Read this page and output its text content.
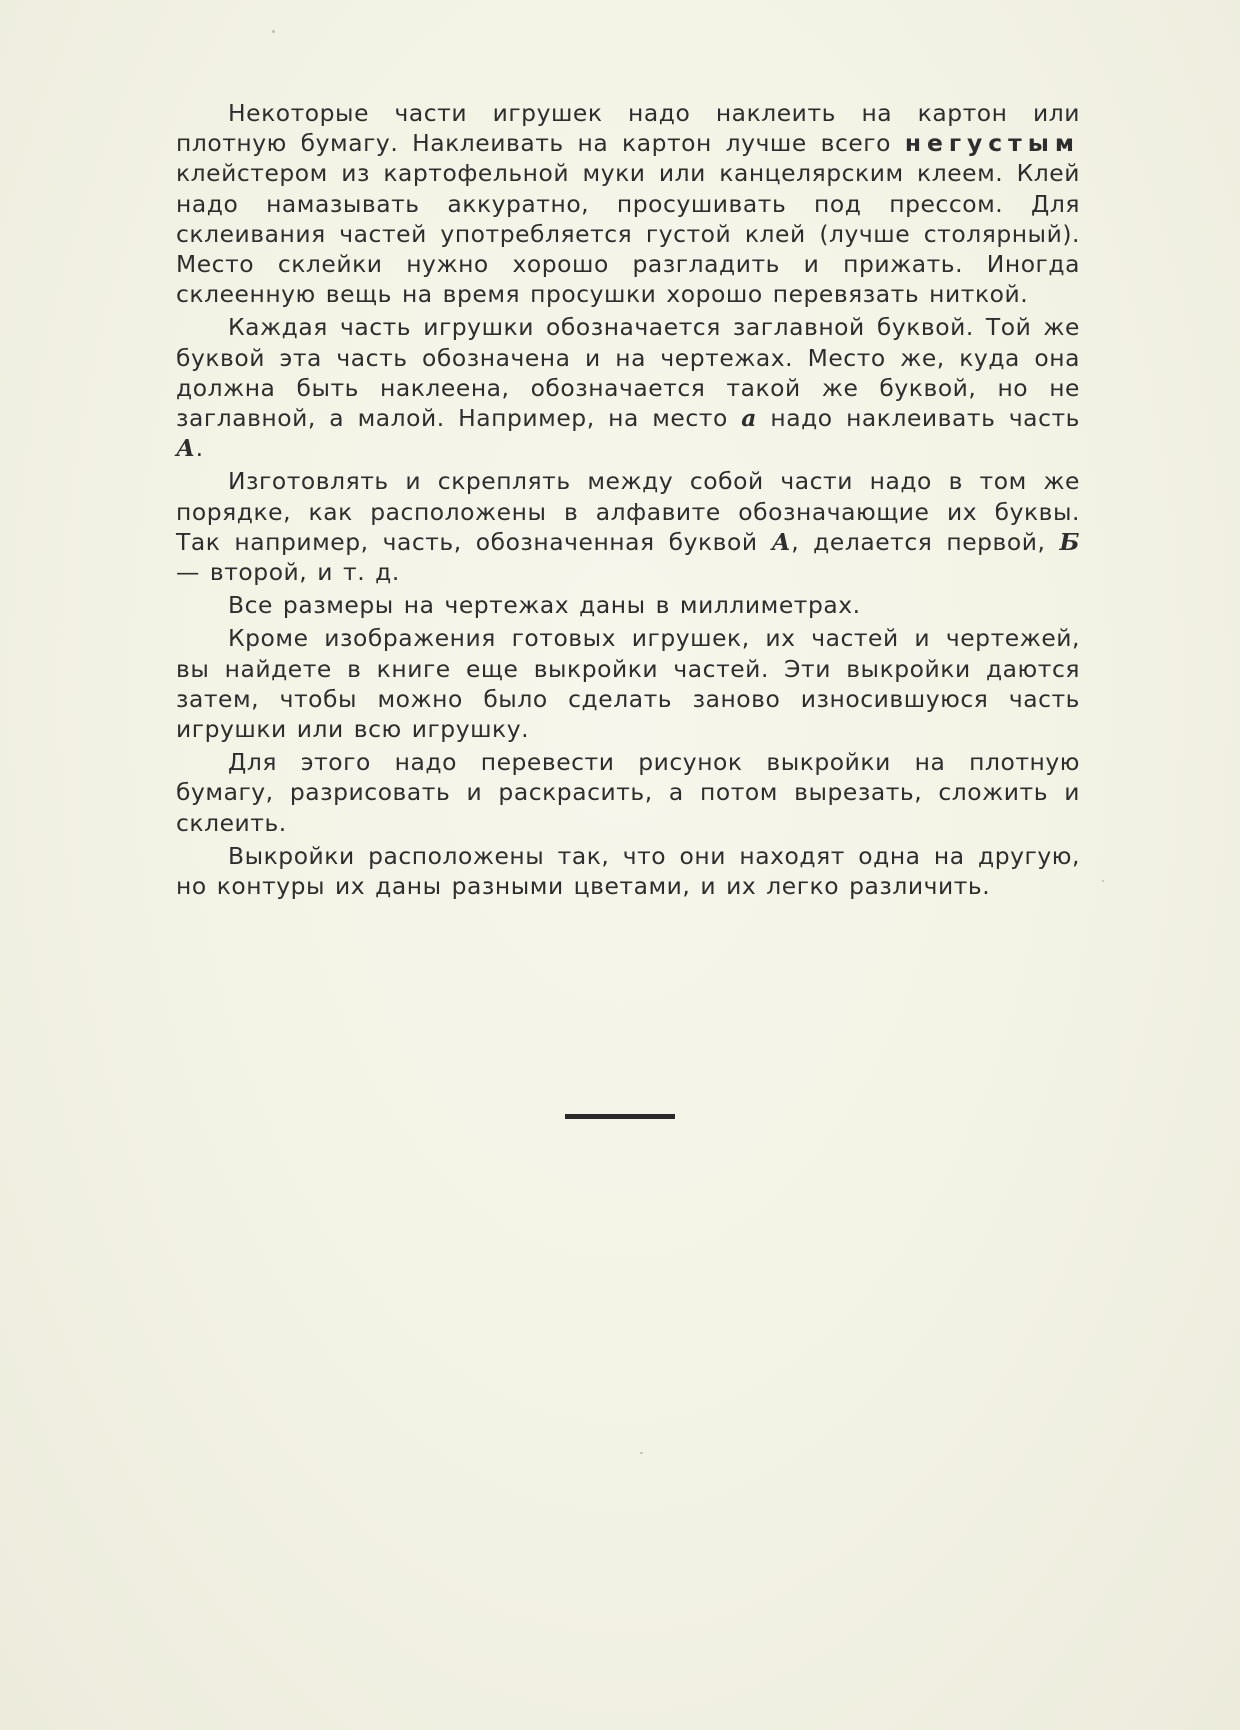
Некоторые части игрушек надо наклеить на картон или плотную бумагу. Наклеивать на картон лучше всего негустым клейстером из картофельной муки или канцелярским клеем. Клей надо намазывать аккуратно, просушивать под прессом. Для склеивания частей употребляется густой клей (лучше столярный). Место склейки нужно хорошо разгладить и прижать. Иногда склеенную вещь на время просушки хорошо перевязать ниткой.

Каждая часть игрушки обозначается заглавной буквой. Той же буквой эта часть обозначена и на чертежах. Место же, куда она должна быть наклеена, обозначается такой же буквой, но не заглавной, а малой. Например, на место а надо наклеивать часть А.

Изготовлять и скреплять между собой части надо в том же порядке, как расположены в алфавите обозначающие их буквы. Так например, часть, обозначенная буквой А, делается первой, Б — второй, и т. д.

Все размеры на чертежах даны в миллиметрах.

Кроме изображения готовых игрушек, их частей и чертежей, вы найдете в книге еще выкройки частей. Эти выкройки даются затем, чтобы можно было сделать заново износившуюся часть игрушки или всю игрушку.

Для этого надо перевести рисунок выкройки на плотную бумагу, разрисовать и раскрасить, а потом вырезать, сложить и склеить.

Выкройки расположены так, что они находят одна на другую, но контуры их даны разными цветами, и их легко различить.
